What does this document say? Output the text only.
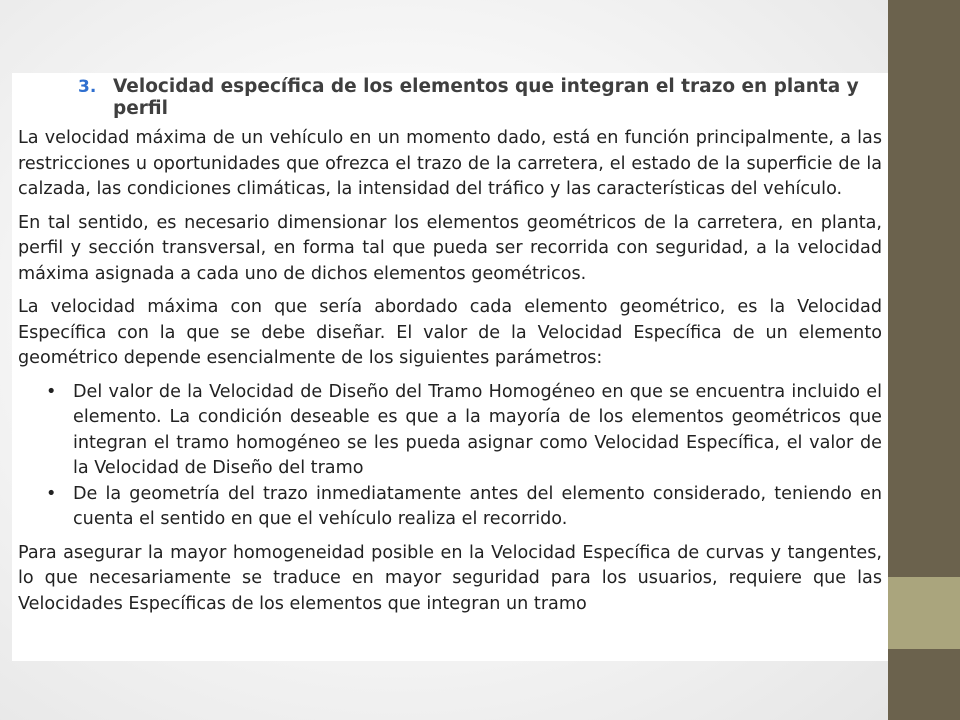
3. Velocidad específica de los elementos que integran el trazo en planta y perfil

La velocidad máxima de un vehículo en un momento dado, está en función principalmente, a las restricciones u oportunidades que ofrezca el trazo de la carretera, el estado de la superficie de la calzada, las condiciones climáticas, la intensidad del tráfico y las características del vehículo.

En tal sentido, es necesario dimensionar los elementos geométricos de la carretera, en planta, perfil y sección transversal, en forma tal que pueda ser recorrida con seguridad, a la velocidad máxima asignada a cada uno de dichos elementos geométricos.

La velocidad máxima con que sería abordado cada elemento geométrico, es la Velocidad Específica con la que se debe diseñar. El valor de la Velocidad Específica de un elemento geométrico depende esencialmente de los siguientes parámetros:

• Del valor de la Velocidad de Diseño del Tramo Homogéneo en que se encuentra incluido el elemento. La condición deseable es que a la mayoría de los elementos geométricos que integran el tramo homogéneo se les pueda asignar como Velocidad Específica, el valor de la Velocidad de Diseño del tramo
• De la geometría del trazo inmediatamente antes del elemento considerado, teniendo en cuenta el sentido en que el vehículo realiza el recorrido.

Para asegurar la mayor homogeneidad posible en la Velocidad Específica de curvas y tangentes, lo que necesariamente se traduce en mayor seguridad para los usuarios, requiere que las Velocidades Específicas de los elementos que integran un tramo
